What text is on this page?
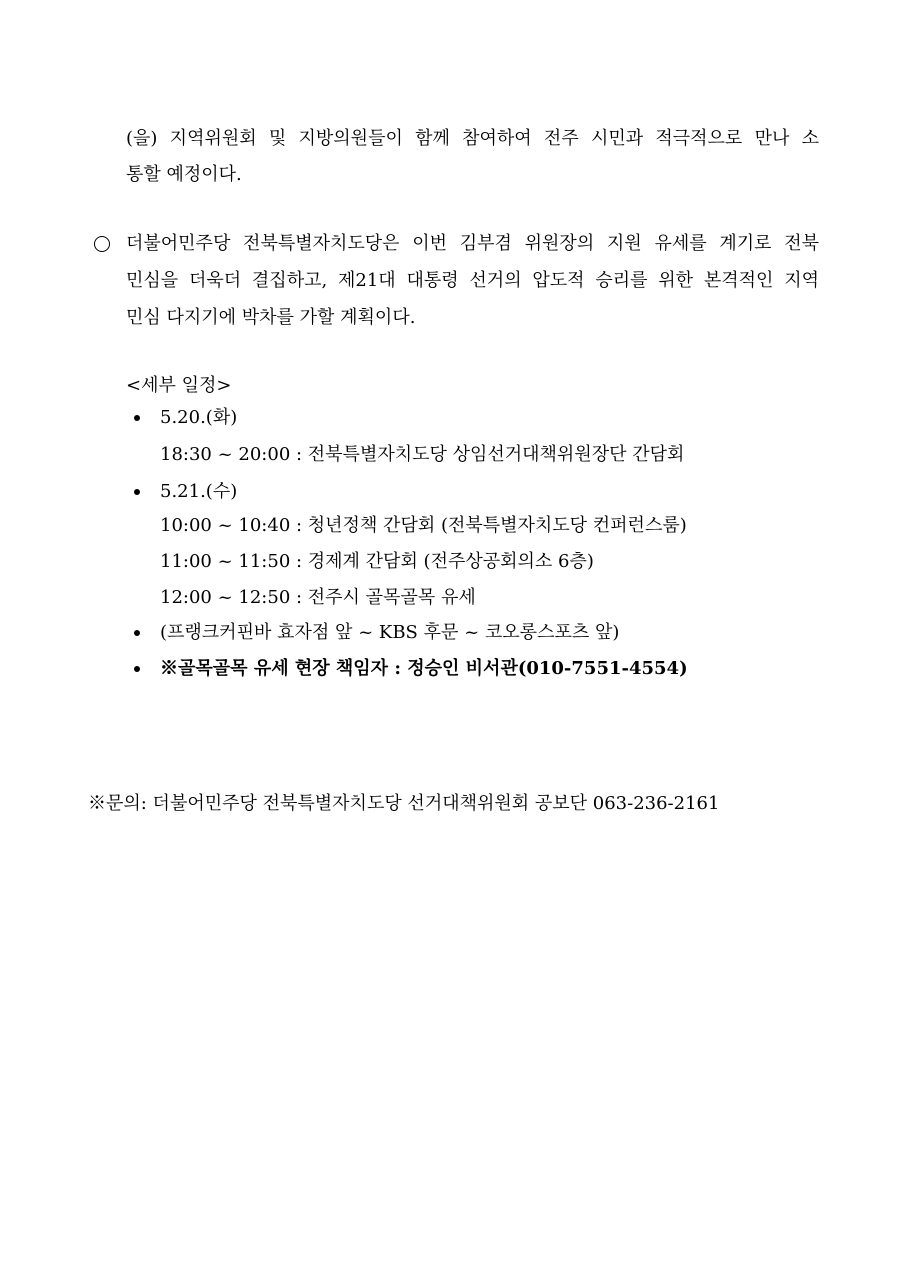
(을) 지역위원회 및 지방의원들이 함께 참여하여 전주 시민과 적극적으로 만나 소
통할 예정이다.
더불어민주당 전북특별자치도당은 이번 김부겸 위원장의 지원 유세를 계기로 전북
민심을 더욱더 결집하고, 제21대 대통령 선거의 압도적 승리를 위한 본격적인 지역
민심 다지기에 박차를 가할 계획이다.
<세부 일정>
5.20.(화)
18:30 ~ 20:00 : 전북특별자치도당 상임선거대책위원장단 간담회
5.21.(수)
10:00 ~ 10:40 : 청년정책 간담회 (전북특별자치도당 컨퍼런스룸)
11:00 ~ 11:50 : 경제계 간담회 (전주상공회의소 6층)
12:00 ~ 12:50 : 전주시 골목골목 유세
(프랭크커핀바 효자점 앞 ~ KBS 후문 ~ 코오롱스포츠 앞)
※골목골목 유세 현장 책임자 : 정승인 비서관(010-7551-4554)
※문의: 더불어민주당 전북특별자치도당 선거대책위원회 공보단 063-236-2161
